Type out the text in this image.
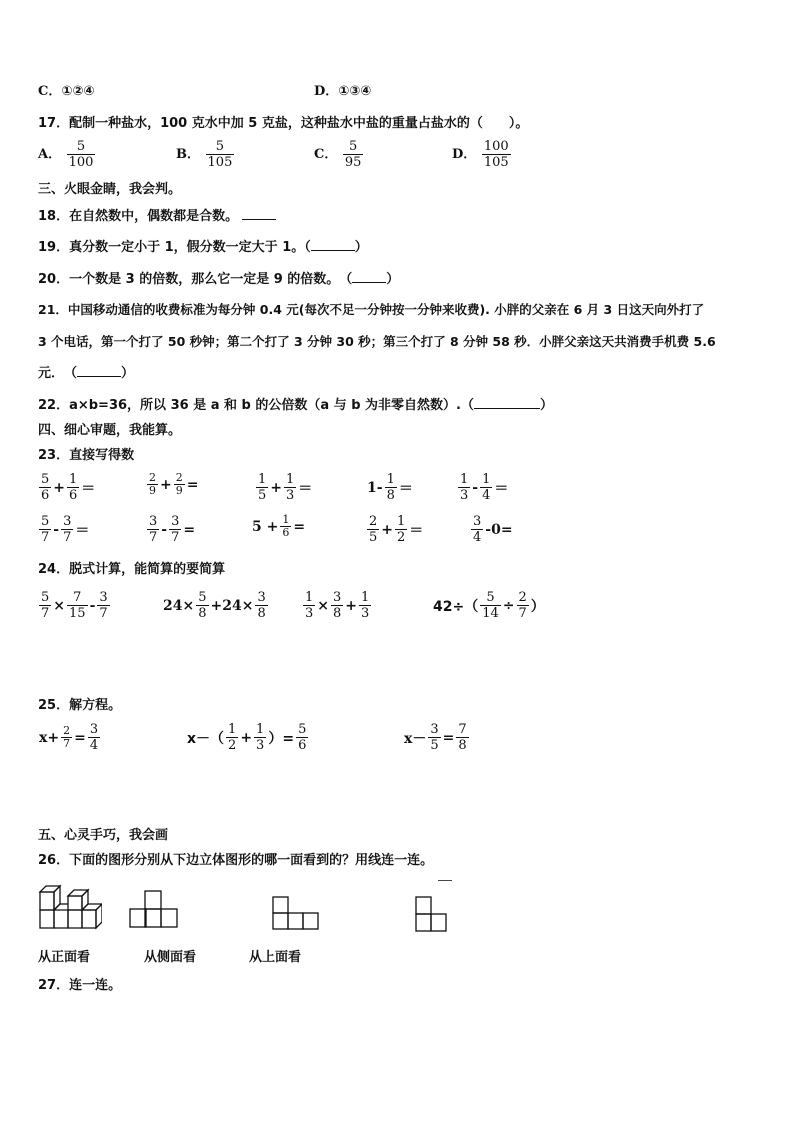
C．①②④	D．①③④
17．配制一种盐水，100 克水中加 5 克盐，这种盐水中盐的重量占盐水的（　　）。
A． $\frac{5}{100}$	B． $\frac{5}{105}$	C． $\frac{5}{95}$	D． $\frac{100}{105}$
三、火眼金睛，我会判。
18．在自然数中，偶数都是合数。
19．真分数一定小于 1，假分数一定大于 1。（	）
20．一个数是 3 的倍数，那么它一定是 9 的倍数。　（	）
21．中国移动通信的收费标准为每分钟 0.4 元(每次不足一分钟按一分钟来收费). 小胖的父亲在 6 月 3 日这天向外打了
3 个电话，第一个打了 50 秒钟；第二个打了 3 分钟 30 秒；第三个打了 8 分钟 58 秒．小胖父亲这天共消费手机费 5.6
元．　（	）
22．a×b=36，所以 36 是 a 和 b 的公倍数（a 与 b 为非零自然数）.（	）
四、细心审题，我能算。
23．直接写得数
$\frac{5}{6} + \frac{1}{6}$ ＝	$\frac{2}{9} + \frac{2}{9}$ =	$\frac{1}{5} + \frac{1}{3}$ ＝	$1- \frac{1}{8}$ ＝	$\frac{1}{3} - \frac{1}{4}$ ＝
$\frac{5}{7} - \frac{3}{7}$ ＝	$\frac{3}{7} - \frac{3}{7}$ =	$5 + \frac{1}{6}$ =	$\frac{2}{5} + \frac{1}{2}$ ＝	$\frac{3}{4} -0=$
24．脱式计算，能简算的要简算
$\frac{5}{7} \times \frac{7}{15} - \frac{3}{7}$	$24\times \frac{5}{8} +24\times \frac{3}{8}$	$\frac{1}{3} \times \frac{3}{8} + \frac{1}{3}$	$42\div( \frac{5}{14} \div \frac{2}{7}$ ）
25．解方程。
$x+ \frac{2}{7} = \frac{3}{4}$	$x-( \frac{1}{2} + \frac{1}{3}$ ）= $\frac{5}{6}$	$x- \frac{3}{5} = \frac{7}{8}$
五、心灵手巧，我会画
26．下面的图形分别从下边立体图形的哪一面看到的？用线连一连。
从正面看	从侧面看	从上面看
27．连一连。
